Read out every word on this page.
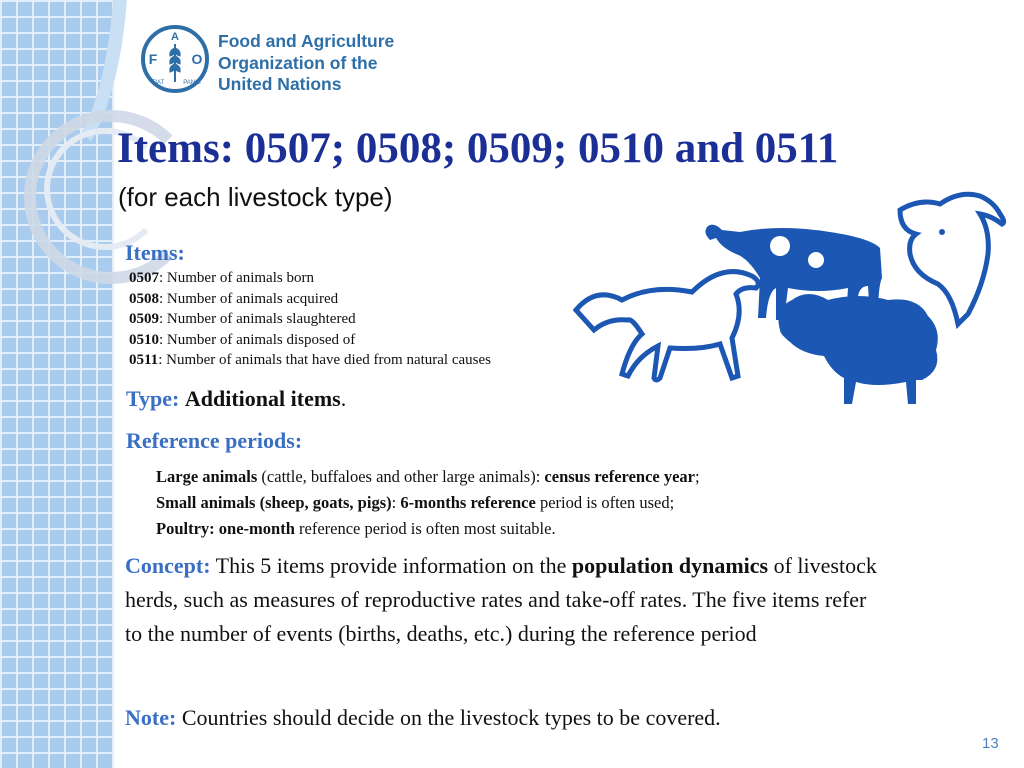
A
F O
FIAT	PANIS
Food and Agriculture
Organization of the
United Nations
Items: 0507; 0508; 0509; 0510 and 0511
(for each livestock type)
Items:
0507: Number of animals born
0508: Number of animals acquired
0509: Number of animals slaughtered
0510: Number of animals disposed of
0511: Number of animals that have died from natural causes
Type: Additional items.
Reference periods:
Large animals (cattle, buffaloes and other large animals): census reference year;
Small animals (sheep, goats, pigs): 6-months reference period is often used;
Poultry: one-month reference period is often most suitable.
Concept: This 5 items provide information on the population dynamics of livestock herds, such as measures of reproductive rates and take-off rates. The five items refer to the number of events (births, deaths, etc.) during the reference period
Note: Countries should decide on the livestock types to be covered.
13
